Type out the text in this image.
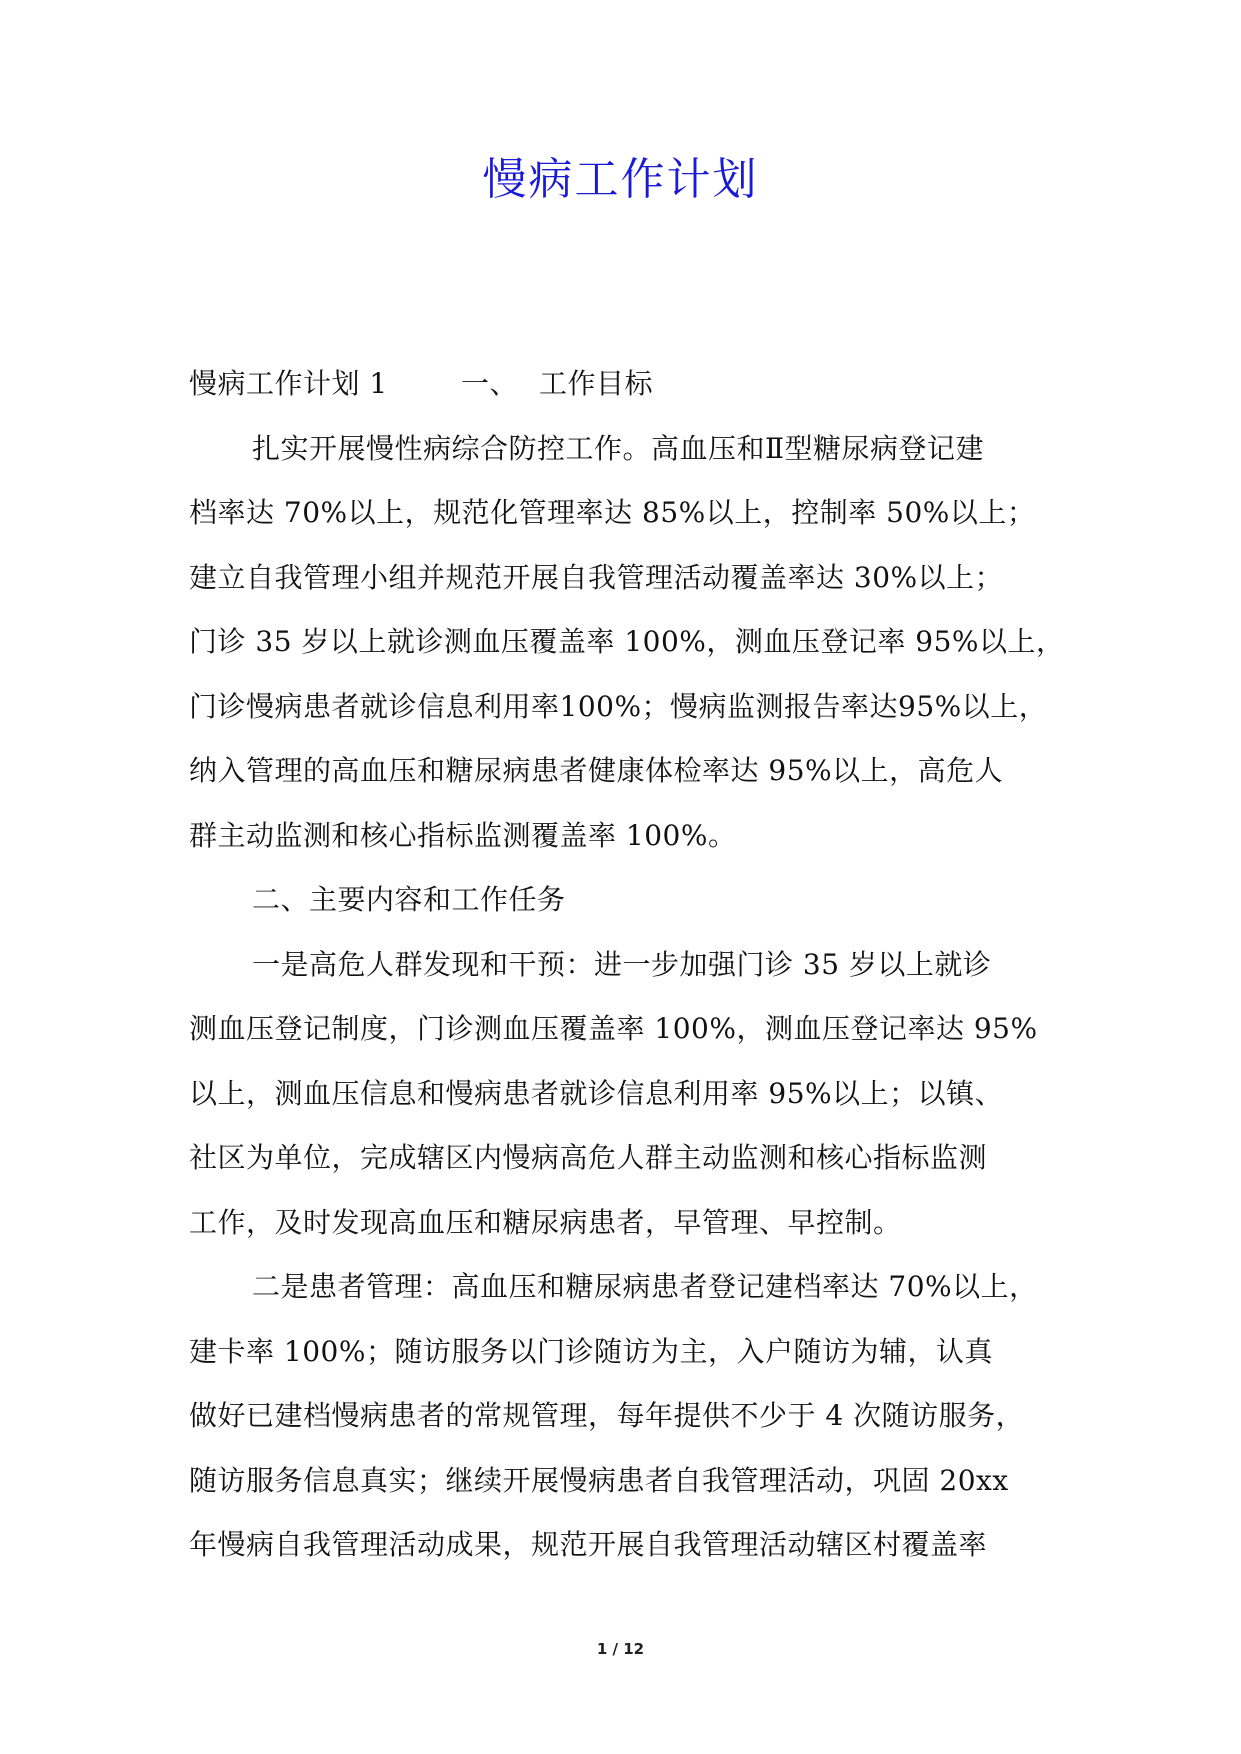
慢病工作计划
慢病工作计划 1	一、 工作目标
扎实开展慢性病综合防控工作。高血压和Ⅱ型糖尿病登记建
档率达 70%以上，规范化管理率达 85%以上，控制率 50%以上；
建立自我管理小组并规范开展自我管理活动覆盖率达 30%以上；
门诊 35 岁以上就诊测血压覆盖率 100%，测血压登记率 95%以上，
门诊慢病患者就诊信息利用率100%；慢病监测报告率达95%以上，
纳入管理的高血压和糖尿病患者健康体检率达 95%以上，高危人
群主动监测和核心指标监测覆盖率 100%。
二、主要内容和工作任务
一是高危人群发现和干预：进一步加强门诊 35 岁以上就诊
测血压登记制度，门诊测血压覆盖率 100%，测血压登记率达 95%
以上，测血压信息和慢病患者就诊信息利用率 95%以上；以镇、
社区为单位，完成辖区内慢病高危人群主动监测和核心指标监测
工作，及时发现高血压和糖尿病患者，早管理、早控制。
二是患者管理：高血压和糖尿病患者登记建档率达 70%以上，
建卡率 100%；随访服务以门诊随访为主，入户随访为辅，认真
做好已建档慢病患者的常规管理，每年提供不少于 4 次随访服务，
随访服务信息真实；继续开展慢病患者自我管理活动，巩固 20xx
年慢病自我管理活动成果，规范开展自我管理活动辖区村覆盖率
1 / 12
